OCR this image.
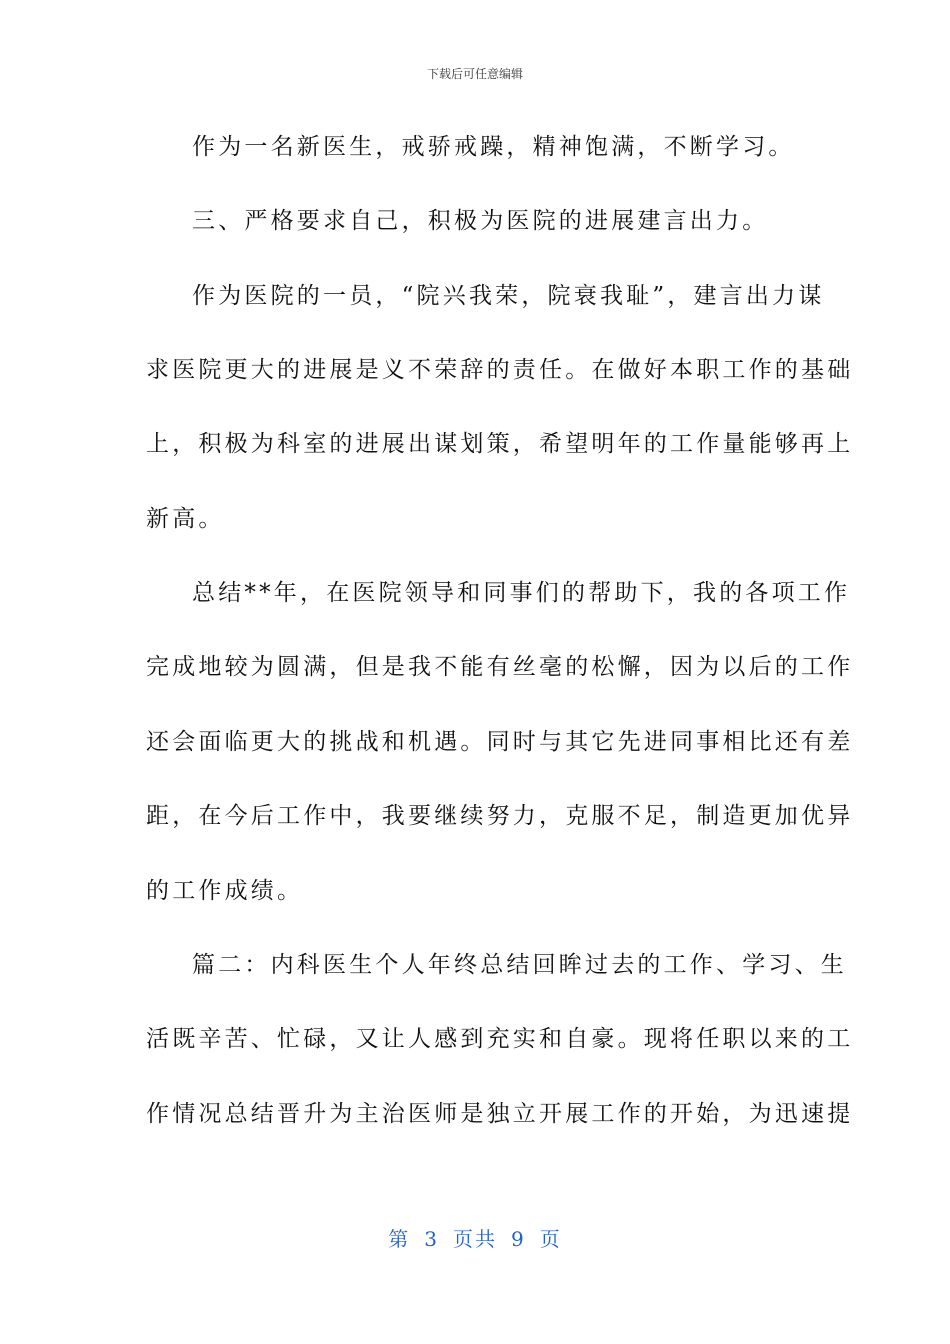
下载后可任意编辑
作为一名新医生，戒骄戒躁，精神饱满，不断学习。
三、严格要求自己，积极为医院的进展建言出力。
作为医院的一员，“院兴我荣，院衰我耻”，建言出力谋
求医院更大的进展是义不荣辞的责任。在做好本职工作的基础
上，积极为科室的进展出谋划策，希望明年的工作量能够再上
新高。
总结**年，在医院领导和同事们的帮助下，我的各项工作
完成地较为圆满，但是我不能有丝毫的松懈，因为以后的工作
还会面临更大的挑战和机遇。同时与其它先进同事相比还有差
距，在今后工作中，我要继续努力，克服不足，制造更加优异
的工作成绩。
篇二：内科医生个人年终总结回眸过去的工作、学习、生
活既辛苦、忙碌，又让人感到充实和自豪。现将任职以来的工
作情况总结晋升为主治医师是独立开展工作的开始，为迅速提
第 3 页共 9 页
